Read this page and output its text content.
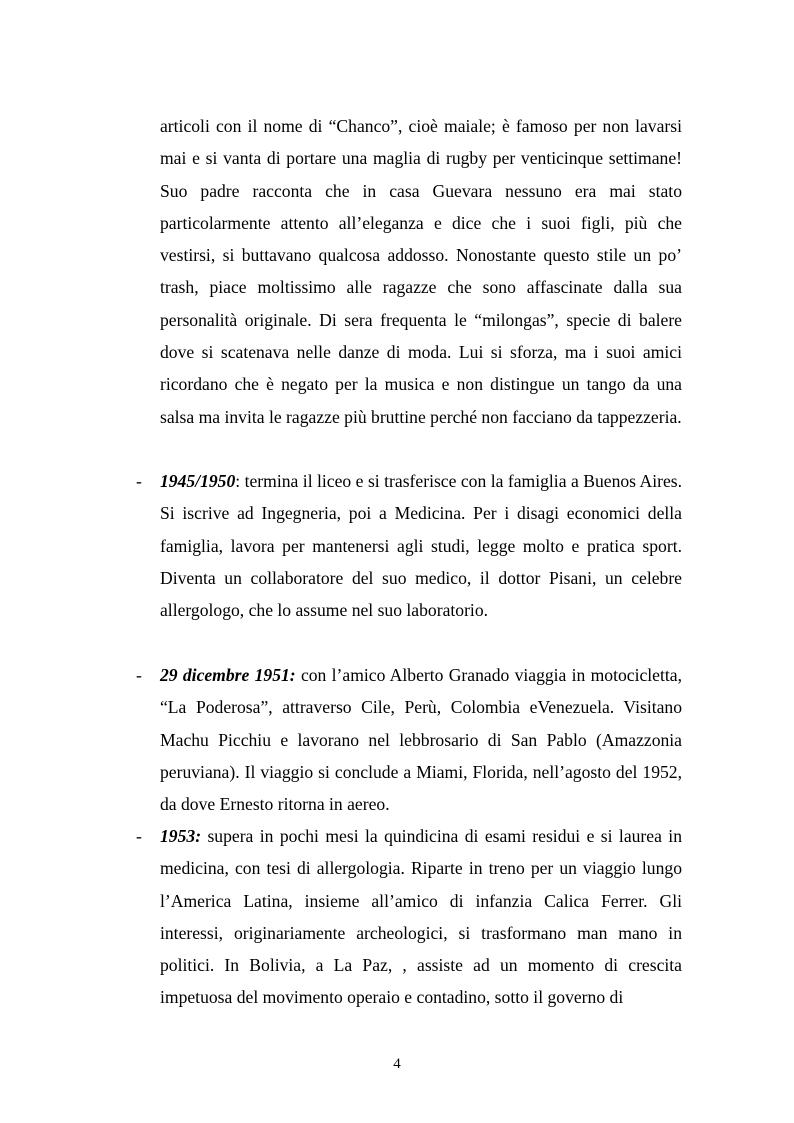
articoli con il nome di “Chanco”, cioè maiale; è famoso per non lavarsi mai e si vanta di portare una maglia di rugby per venticinque settimane! Suo padre racconta che in casa Guevara nessuno era mai stato particolarmente attento all’eleganza e dice che i suoi figli, più che vestirsi, si buttavano qualcosa addosso. Nonostante questo stile un po’ trash, piace moltissimo alle ragazze che sono affascinate dalla sua personalità originale. Di sera frequenta le “milongas”, specie di balere dove si scatenava nelle danze di moda. Lui si sforza, ma i suoi amici ricordano che è negato per la musica e non distingue un tango da una salsa ma invita le ragazze più bruttine perché non facciano da tappezzeria.

- 1945/1950: termina il liceo e si trasferisce con la famiglia a Buenos Aires. Si iscrive ad Ingegneria, poi a Medicina. Per i disagi economici della famiglia, lavora per mantenersi agli studi, legge molto e pratica sport. Diventa un collaboratore del suo medico, il dottor Pisani, un celebre allergologo, che lo assume nel suo laboratorio.

- 29 dicembre 1951: con l’amico Alberto Granado viaggia in motocicletta, “La Poderosa”, attraverso Cile, Perù, Colombia eVenezuela. Visitano Machu Picchiu e lavorano nel lebbrosario di San Pablo (Amazzonia peruviana). Il viaggio si conclude a Miami, Florida, nell’agosto del 1952, da dove Ernesto ritorna in aereo.

- 1953: supera in pochi mesi la quindicina di esami residui e si laurea in medicina, con tesi di allergologia. Riparte in treno per un viaggio lungo l’America Latina, insieme all’amico di infanzia Calica Ferrer. Gli interessi, originariamente archeologici, si trasformano man mano in politici. In Bolivia, a La Paz, , assiste ad un momento di crescita impetuosa del movimento operaio e contadino, sotto il governo di

4
